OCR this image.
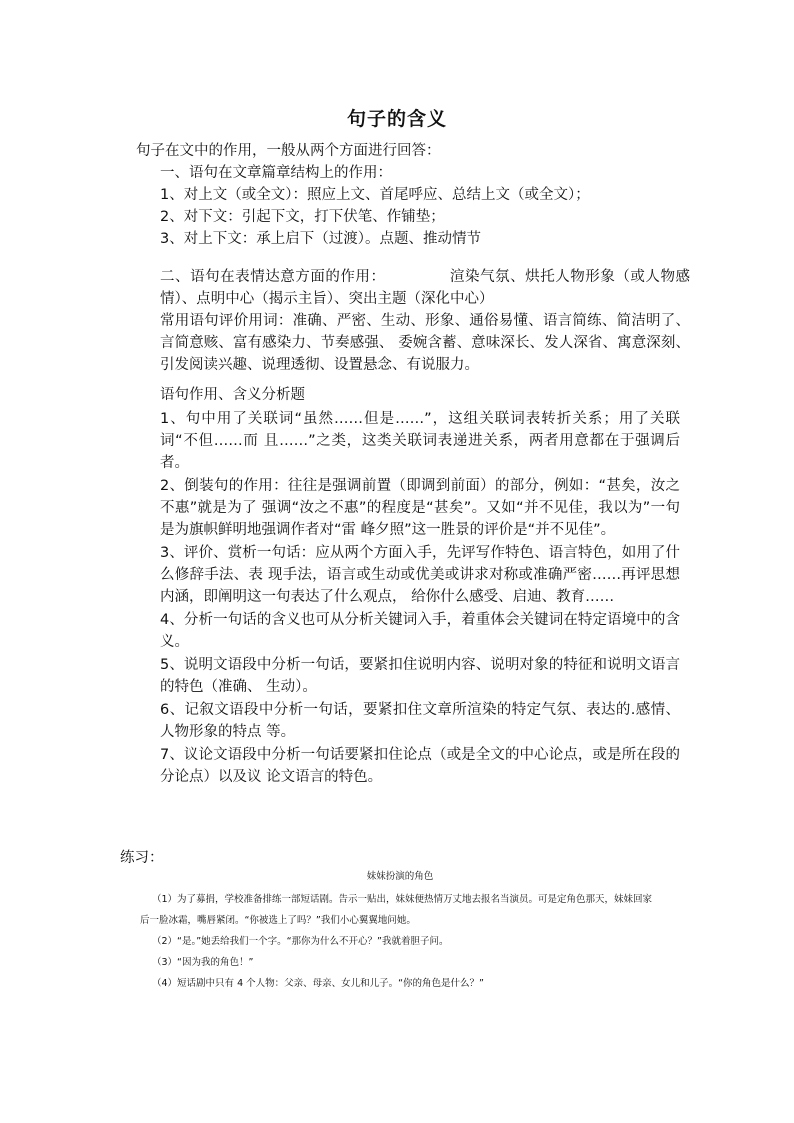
句子的含义
句子在文中的作用，一般从两个方面进行回答：
一、语句在文章篇章结构上的作用：
1、对上文（或全文）：照应上文、首尾呼应、总结上文（或全文）；
2、对下文：引起下文，打下伏笔、作铺垫；
3、对上下文：承上启下（过渡）。点题、推动情节

二、语句在表情达意方面的作用：	渲染气氛、烘托人物形象（或人物感情）、点明中心（揭示主旨）、突出主题（深化中心）

常用语句评价用词：准确、严密、生动、形象、通俗易懂、语言简练、简洁明了、言简意赅、富有感染力、节奏感强、 委婉含蓄、意味深长、发人深省、寓意深刻、引发阅读兴趣、说理透彻、设置悬念、有说服力。

语句作用、含义分析题

1、句中用了关联词“虽然……但是……”，这组关联词表转折关系；用了关联词“不但……而 且……”之类，这类关联词表递进关系，两者用意都在于强调后者。

2、倒装句的作用：往往是强调前置（即调到前面）的部分，例如：“甚矣，汝之不惠”就是为了 强调“汝之不惠”的程度是“甚矣”。又如“并不见佳，我以为”一句是为旗帜鲜明地强调作者对“雷 峰夕照”这一胜景的评价是“并不见佳”。

3、评价、赏析一句话：应从两个方面入手，先评写作特色、语言特色，如用了什么修辞手法、表 现手法，语言或生动或优美或讲求对称或准确严密……再评思想内涵，即阐明这一句表达了什么观点， 给你什么感受、启迪、教育……

4、分析一句话的含义也可从分析关键词入手，着重体会关键词在特定语境中的含义。

5、说明文语段中分析一句话，要紧扣住说明内容、说明对象的特征和说明文语言的特色（准确、 生动）。

6、记叙文语段中分析一句话，要紧扣住文章所渲染的特定气氛、表达的.感情、人物形象的特点 等。

7、议论文语段中分析一句话要紧扣住论点（或是全文的中心论点，或是所在段的分论点）以及议 论文语言的特色。

练习：
妹妹扮演的角色

（1）为了募捐，学校准备排练一部短话剧。告示一贴出，妹妹便热情万丈地去报名当演员。可是定角色那天，妹妹回家后一脸冰霜，嘴唇紧闭。“你被选上了吗？”我们小心翼翼地问她。

（2）“是。”她丢给我们一个字。“那你为什么不开心？”我就着胆子问。

（3）“因为我的角色！”

（4）短话剧中只有 4 个人物：父亲、母亲、女儿和儿子。“你的角色是什么？”
